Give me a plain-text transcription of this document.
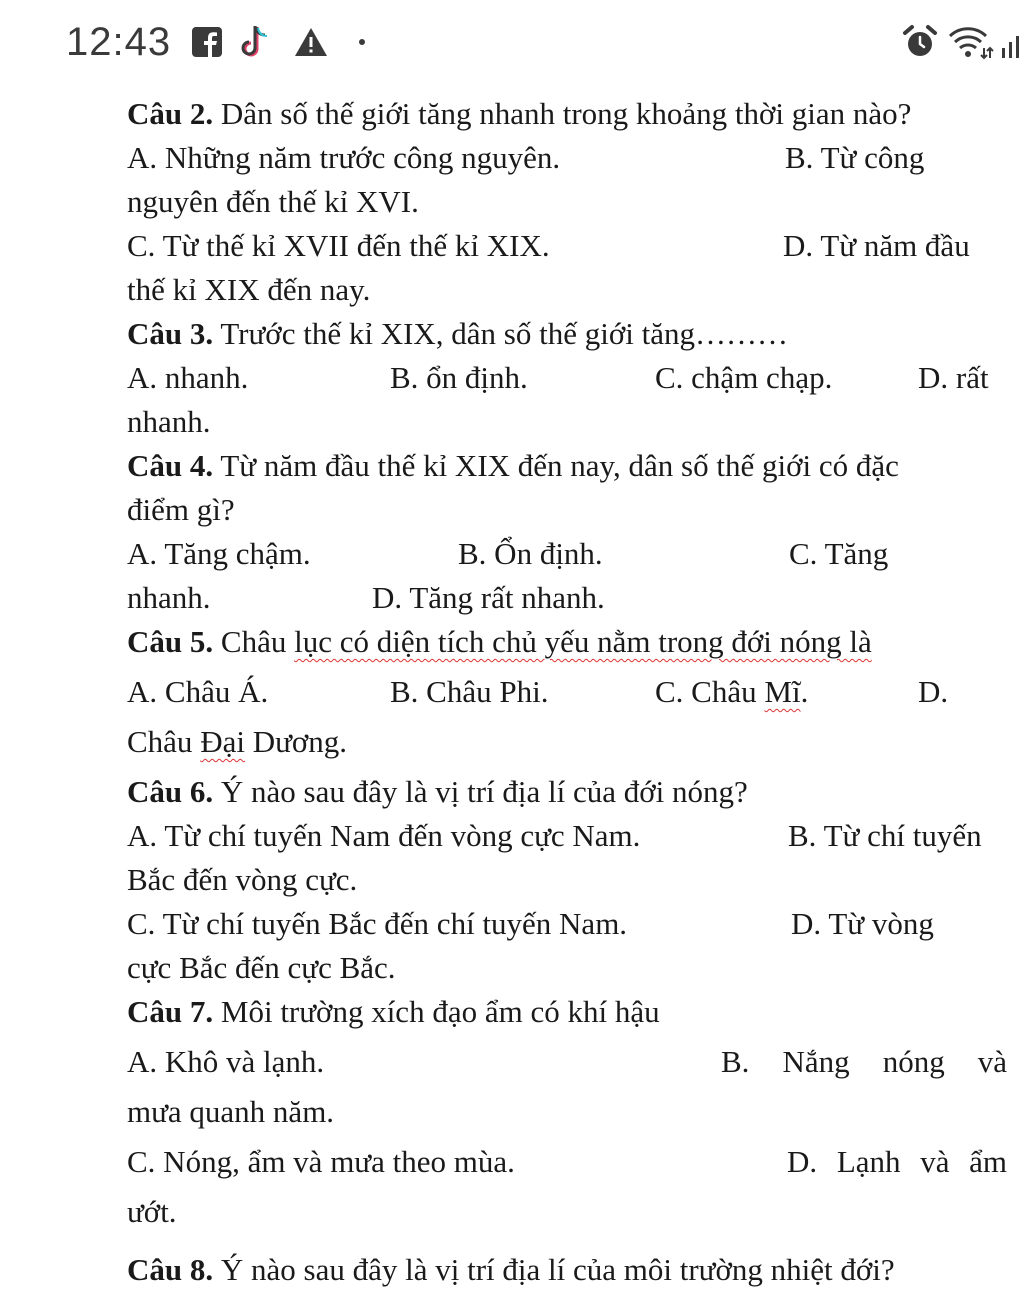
12:43
Câu 2. Dân số thế giới tăng nhanh trong khoảng thời gian nào?
A. Những năm trước công nguyên.	B. Từ công
nguyên đến thế kỉ XVI.
C. Từ thế kỉ XVII đến thế kỉ XIX.	D. Từ năm đầu
thế kỉ XIX đến nay.
Câu 3. Trước thế kỉ XIX, dân số thế giới tăng………
A. nhanh.	B. ổn định.	C. chậm chạp.	D. rất
nhanh.
Câu 4. Từ năm đầu thế kỉ XIX đến nay, dân số thế giới có đặc
điểm gì?
A. Tăng chậm.	B. Ổn định.	C. Tăng
nhanh.	D. Tăng rất nhanh.
Câu 5. Châu lục có diện tích chủ yếu nằm trong đới nóng là
A. Châu Á.	B. Châu Phi.	C. Châu Mĩ.	D.
Châu Đại Dương.
Câu 6. Ý nào sau đây là vị trí địa lí của đới nóng?
A. Từ chí tuyến Nam đến vòng cực Nam.	B. Từ chí tuyến
Bắc đến vòng cực.
C. Từ chí tuyến Bắc đến chí tuyến Nam.	D. Từ vòng
cực Bắc đến cực Bắc.
Câu 7. Môi trường xích đạo ẩm có khí hậu
A. Khô và lạnh.	B. Nắng nóng và
mưa quanh năm.
C. Nóng, ẩm và mưa theo mùa.	D. Lạnh và ẩm
ướt.
Câu 8. Ý nào sau đây là vị trí địa lí của môi trường nhiệt đới?
